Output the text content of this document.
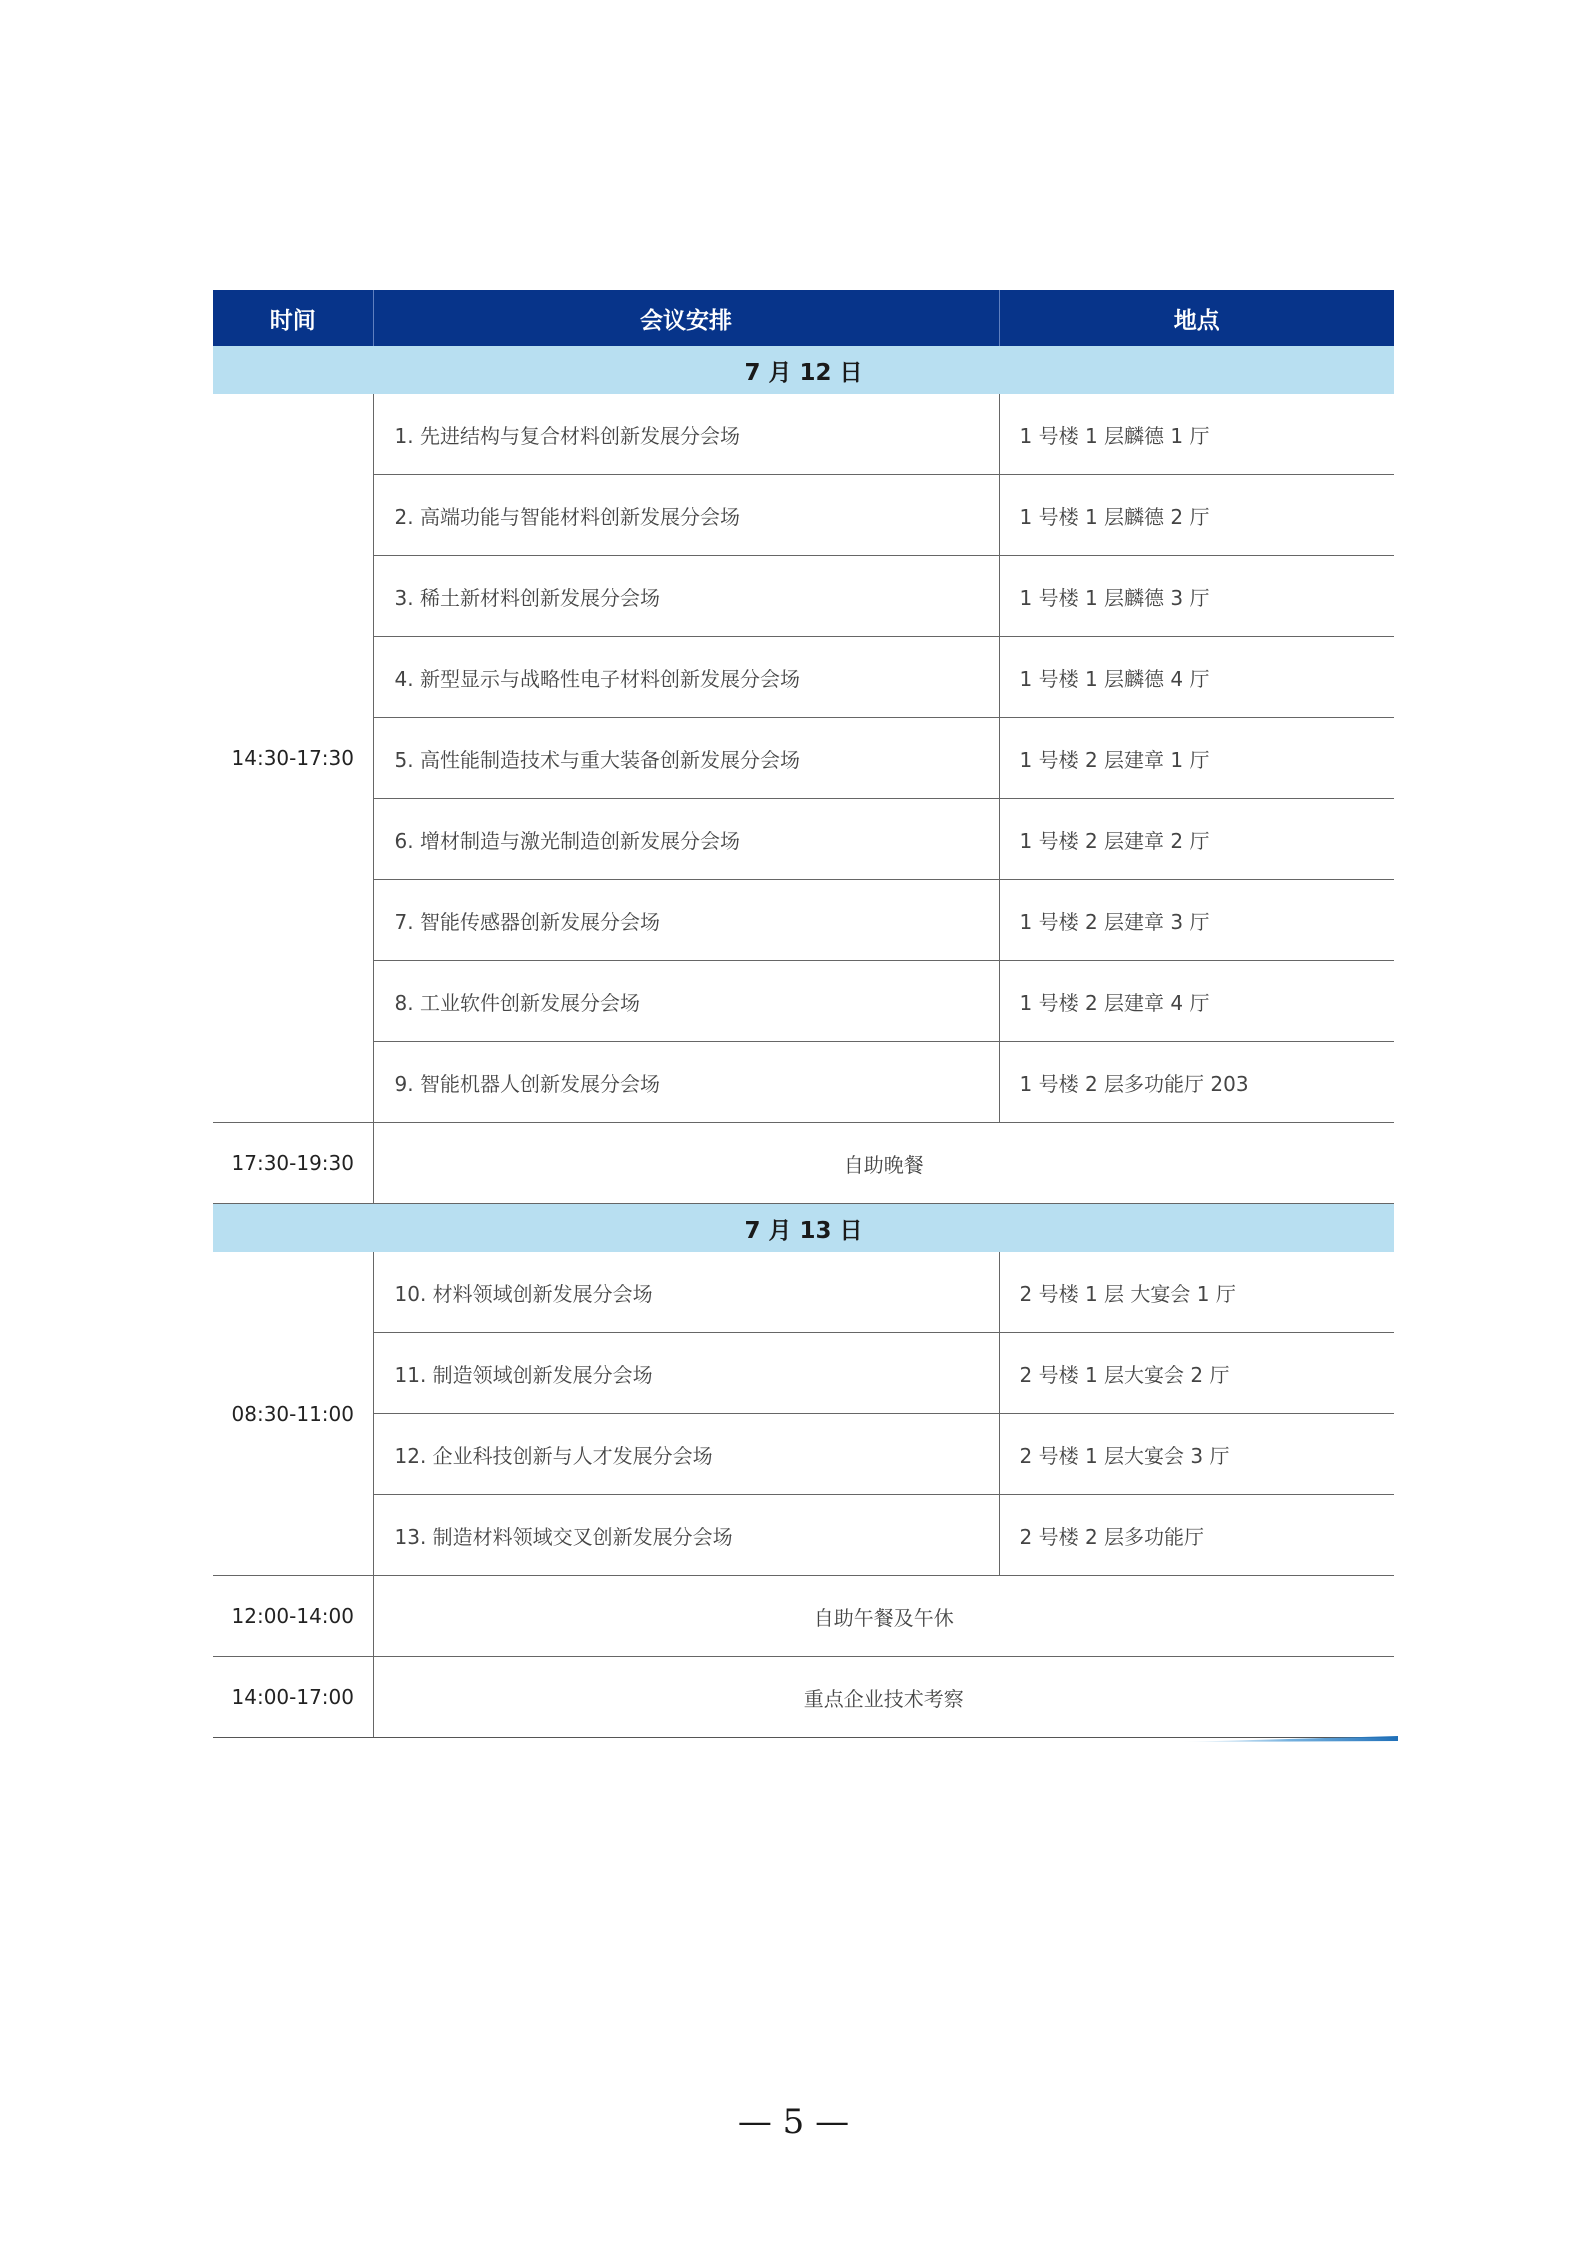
时间	会议安排	地点
7 月 12 日		
14:30-17:30	1. 先进结构与复合材料创新发展分会场	1 号楼 1 层麟德 1 厅
	2. 高端功能与智能材料创新发展分会场	1 号楼 1 层麟德 2 厅
	3. 稀土新材料创新发展分会场	1 号楼 1 层麟德 3 厅
	4. 新型显示与战略性电子材料创新发展分会场	1 号楼 1 层麟德 4 厅
	5. 高性能制造技术与重大装备创新发展分会场	1 号楼 2 层建章 1 厅
	6. 增材制造与激光制造创新发展分会场	1 号楼 2 层建章 2 厅
	7. 智能传感器创新发展分会场	1 号楼 2 层建章 3 厅
	8. 工业软件创新发展分会场	1 号楼 2 层建章 4 厅
	9. 智能机器人创新发展分会场	1 号楼 2 层多功能厅 203
17:30-19:30	自助晚餐	
7 月 13 日		
08:30-11:00	10. 材料领域创新发展分会场	2 号楼 1 层 大宴会 1 厅
	11. 制造领域创新发展分会场	2 号楼 1 层大宴会 2 厅
	12. 企业科技创新与人才发展分会场	2 号楼 1 层大宴会 3 厅
	13. 制造材料领域交叉创新发展分会场	2 号楼 2 层多功能厅
12:00-14:00	自助午餐及午休	
14:00-17:00	重点企业技术考察	
— 5 —
